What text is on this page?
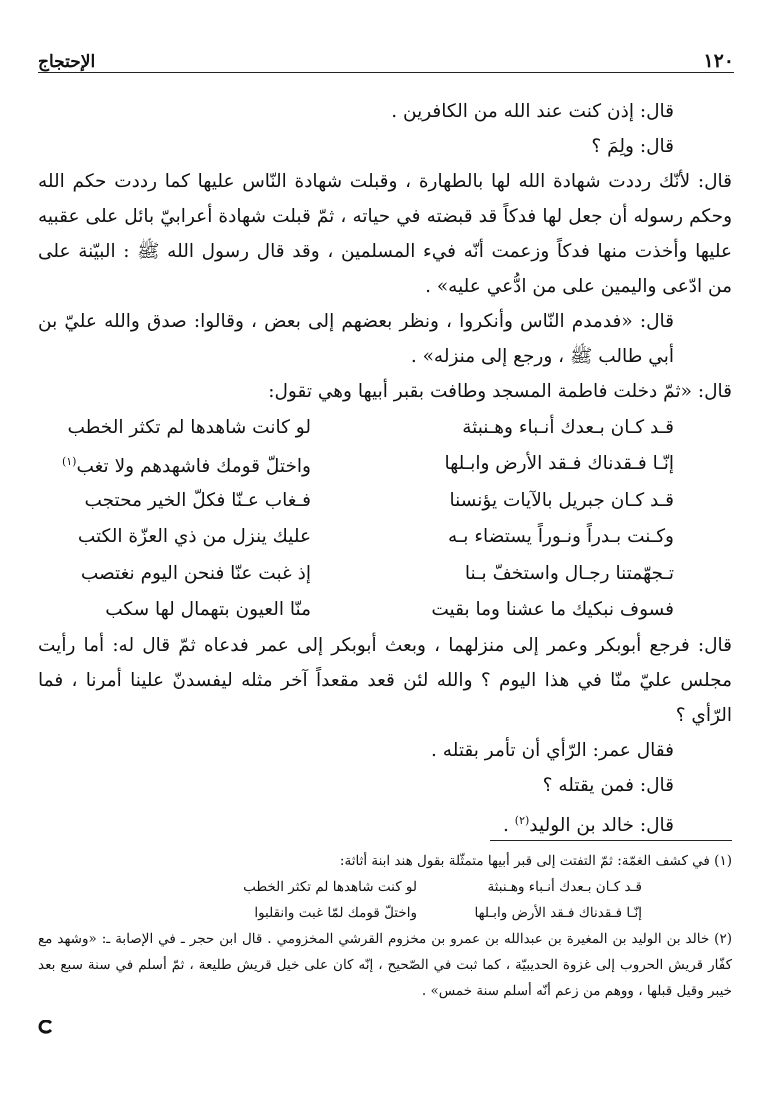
١٢٠
الإحتجاج

قال: إذن كنت عند الله من الكافرين .

قال: ولِمَ ؟

قال: لأنّك رددت شهادة الله لها بالطهارة ، وقبلت شهادة النّاس عليها كما رددت حكم الله وحكم رسوله أن جعل لها فدكاً قد قبضته في حياته ، ثمّ قبلت شهادة أعرابيّ بائل على عقبيه عليها وأخذت منها فدكاً وزعمت أنّه فيء المسلمين ، وقد قال رسول الله ﷺ : البيّنة على من ادّعى واليمين على من ادُّعي عليه» .

قال: «فدمدم النّاس وأنكروا ، ونظر بعضهم إلى بعض ، وقالوا: صدق والله عليّ بن أبي طالب ﷺ ، ورجع إلى منزله» .

قال: «ثمّ دخلت فاطمة المسجد وطافت بقبر أبيها وهي تقول:

قـد كـان بـعدك أنـباء وهـنبثة
لو كانت شاهدها لم تكثر الخطب
إنّـا فـقدناك فـقد الأرض وابـلها
واختلّ قومك فاشهدهم ولا تغب$^{(١)}$
قـد كـان جبريل بالآيات يؤنسنا
فـغاب عـنّا فكلّ الخير محتجب
وكـنت بـدراً ونـوراً يستضاء بـه
عليك ينزل من ذي العزّة الكتب
تـجهّمتنا رجـال واستخفّ بـنا
إذ غبت عنّا فنحن اليوم نغتصب
فسوف نبكيك ما عشنا وما بقيت
منّا العيون بتهمال لها سكب

قال: فرجع أبوبكر وعمر إلى منزلهما ، وبعث أبوبكر إلى عمر فدعاه ثمّ قال له: أما رأيت مجلس عليّ منّا في هذا اليوم ؟ والله لئن قعد مقعداً آخر مثله ليفسدنّ علينا أمرنا ، فما الرّأي ؟

فقال عمر: الرّأي أن تأمر بقتله .

قال: فمن يقتله ؟

قال: خالد بن الوليد$^{(٢)}$ .

(١) في كشف الغمّة: ثمّ التفتت إلى قبر أبيها متمثّلة بقول هند ابنة أثاثة:

قـد كـان بـعدك أنـباء وهـنبثة
لو كنت شاهدها لم تكثر الخطب
إنّـا فـقدناك فـقد الأرض وابـلها
واختلّ قومك لمّا غبت وانقلبوا

(٢) خالد بن الوليد بن المغيرة بن عبدالله بن عمرو بن مخزوم القرشي المخزومي . قال ابن حجر ـ في الإصابة ـ: «وشهد مع كفّار قريش الحروب إلى غزوة الحديبيّة ، كما ثبت في الصّحيح ، إنّه كان على خيل قريش طليعة ، ثمّ أسلم في سنة سبع بعد خيبر وقيل قبلها ، ووهم من زعم أنّه أسلم سنة خمس» .
